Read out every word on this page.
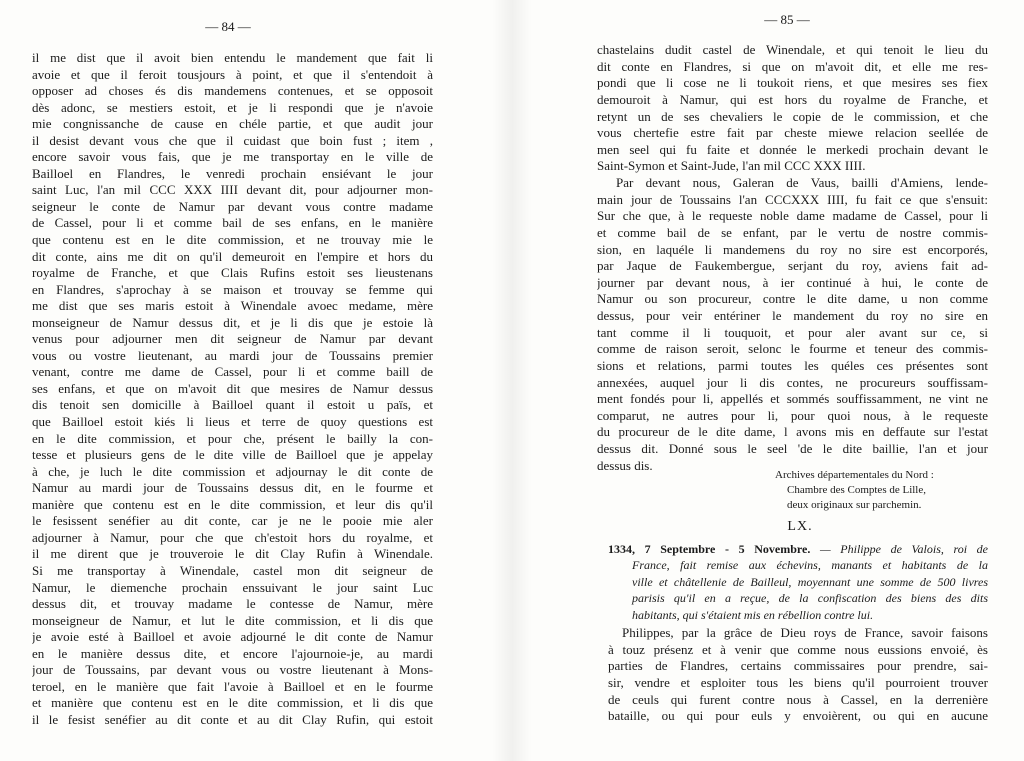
— 84 —
il me dist que il avoit bien entendu le mandement que fait li
avoie et que il feroit tousjours à point, et que il s'entendoit à
opposer ad choses és dis mandemens contenues, et se opposoit
dès adonc, se mestiers estoit, et je li respondi que je n'avoie
mie congnissanche de cause en chéle partie, et que audit jour
il desist devant vous che que il cuidast que boin fust ; item ,
encore savoir vous fais, que je me transportay en le ville de
Bailloel en Flandres, le venredi prochain ensiévant le jour
saint Luc, l'an mil CCC XXX IIII devant dit, pour adjourner mon-
seigneur le conte de Namur par devant vous contre madame
de Cassel, pour li et comme bail de ses enfans, en le manière
que contenu est en le dite commission, et ne trouvay mie le
dit conte, ains me dit on qu'il demeuroit en l'empire et hors du
royalme de Franche, et que Clais Rufins estoit ses lieustenans
en Flandres, s'aprochay à se maison et trouvay se femme qui
me dist que ses maris estoit à Winendale avoec medame, mère
monseigneur de Namur dessus dit, et je li dis que je estoie là
venus pour adjourner men dit seigneur de Namur par devant
vous ou vostre lieutenant, au mardi jour de Toussains premier
venant, contre me dame de Cassel, pour li et comme baill de
ses enfans, et que on m'avoit dit que mesires de Namur dessus
dis tenoit sen domicille à Bailloel quant il estoit u païs, et
que Bailloel estoit kiés li lieus et terre de quoy questions est
en le dite commission, et pour che, présent le bailly la con-
tesse et plusieurs gens de le dite ville de Bailloel que je appelay
à che, je luch le dite commission et adjournay le dit conte de
Namur au mardi jour de Toussains dessus dit, en le fourme et
manière que contenu est en le dite commission, et leur dis qu'il
le fesissent senéfier au dit conte, car je ne le pooie mie aler
adjourner à Namur, pour che que ch'estoit hors du royalme, et
il me dirent que je trouveroie le dit Clay Rufin à Winendale.
Si me transportay à Winendale, castel mon dit seigneur de
Namur, le diemenche prochain enssuivant le jour saint Luc
dessus dit, et trouvay madame le contesse de Namur, mère
monseigneur de Namur, et lut le dite commission, et li dis que
je avoie esté à Bailloel et avoie adjourné le dit conte de Namur
en le manière dessus dite, et encore l'ajournoie-je, au mardi
jour de Toussains, par devant vous ou vostre lieutenant à Mons-
teroel, en le manière que fait l'avoie à Bailloel et en le fourme
et manière que contenu est en le dite commission, et li dis que
il le fesist senéfier au dit conte et au dit Clay Rufin, qui estoit
— 85 —
chastelains dudit castel de Winendale, et qui tenoit le lieu du
dit conte en Flandres, si que on m'avoit dit, et elle me res-
pondi que li cose ne li toukoit riens, et que mesires ses fiex
demouroit à Namur, qui est hors du royalme de Franche, et
retynt un de ses chevaliers le copie de le commission, et che
vous chertefie estre fait par cheste miewe relacion seellée de
men seel qui fu faite et donnée le merkedi prochain devant le
Saint-Symon et Saint-Jude, l'an mil CCC XXX IIII.
Par devant nous, Galeran de Vaus, bailli d'Amiens, lende-
main jour de Toussains l'an CCCXXX IIII, fu fait ce que s'ensuit:
Sur che que, à le requeste noble dame madame de Cassel, pour li
et comme bail de se enfant, par le vertu de nostre commis-
sion, en laquéle li mandemens du roy no sire est encorporés,
par Jaque de Faukembergue, serjant du roy, aviens fait ad-
journer par devant nous, à ier continué à hui, le conte de
Namur ou son procureur, contre le dite dame, u non comme
dessus, pour veir entériner le mandement du roy no sire en
tant comme il li touquoit, et pour aler avant sur ce, si
comme de raison seroit, selonc le fourme et teneur des commis-
sions et relations, parmi toutes les quéles ces présentes sont
annexées, auquel jour li dis contes, ne procureurs souffissam-
ment fondés pour li, appellés et sommés souffissamment, ne vint ne
comparut, ne autres pour li, pour quoi nous, à le requeste
du procureur de le dite dame, l avons mis en deffaute sur l'estat
dessus dit. Donné sous le seel 'de le dite baillie, l'an et jour
dessus dis.
Archives départementales du Nord :
Chambre des Comptes de Lille,
deux originaux sur parchemin.
LX.
1334, 7 Septembre - 5 Novembre. — Philippe de Valois, roi de
France, fait remise aux échevins, manants et habitants de la
ville et châtellenie de Bailleul, moyennant une somme de 500 livres
parisis qu'il en a reçue, de la confiscation des biens des dits
habitants, qui s'étaient mis en rébellion contre lui.
Philippes, par la grâce de Dieu roys de France, savoir faisons
à touz présenz et à venir que comme nous eussions envoié, ès
parties de Flandres, certains commissaires pour prendre, sai-
sir, vendre et esploiter tous les biens qu'il pourroient trouver
de ceuls qui furent contre nous à Cassel, en la derrenière
bataille, ou qui pour euls y envoièrent, ou qui en aucune
